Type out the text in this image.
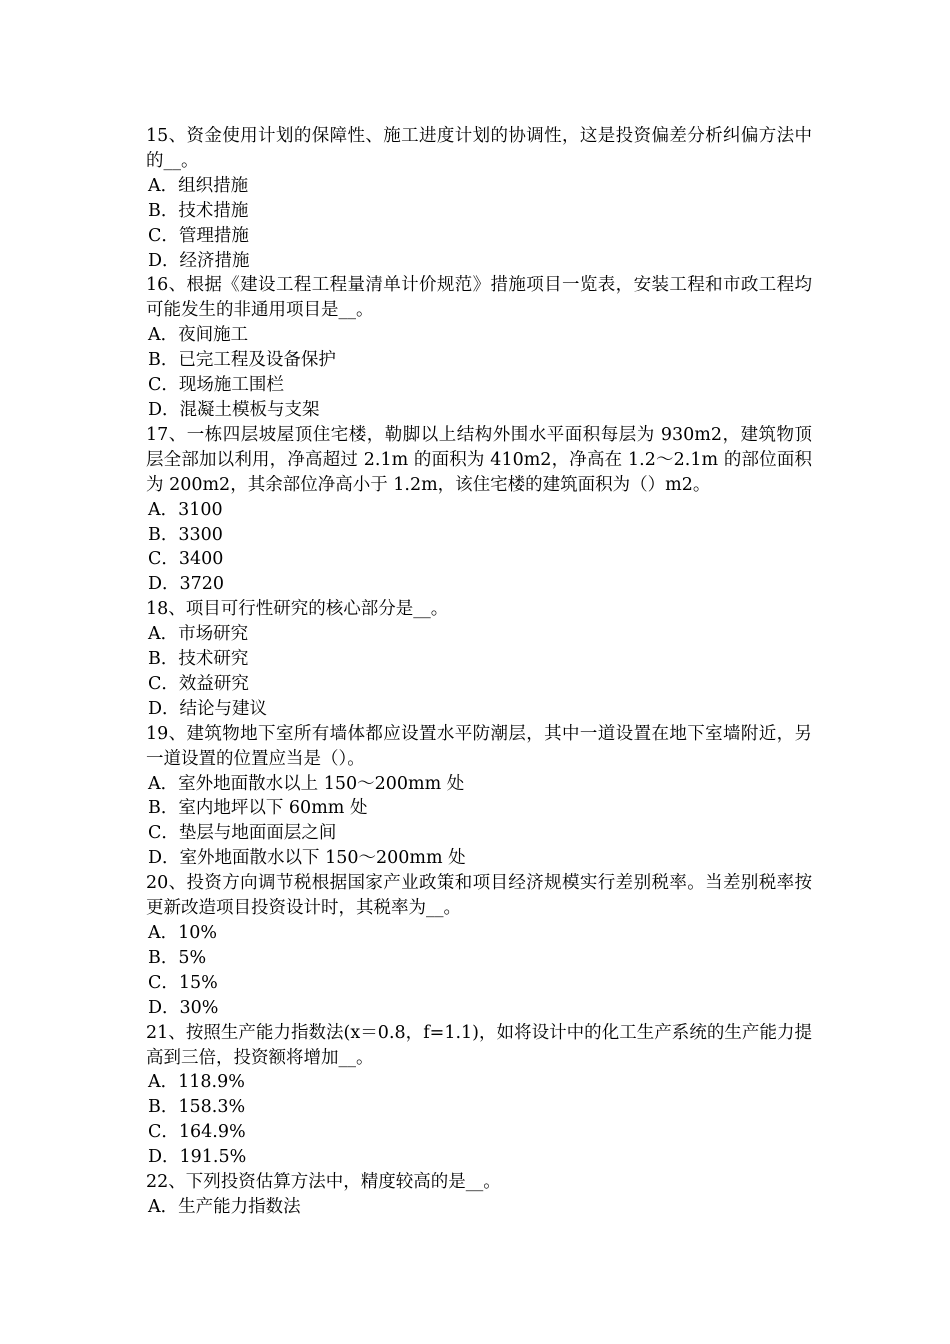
15、资金使用计划的保障性、施工进度计划的协调性，这是投资偏差分析纠偏方法中的__。

A．组织措施
B．技术措施
C．管理措施
D．经济措施

16、根据《建设工程工程量清单计价规范》措施项目一览表，安装工程和市政工程均可能发生的非通用项目是__。

A．夜间施工
B．已完工程及设备保护
C．现场施工围栏
D．混凝土模板与支架

17、一栋四层坡屋顶住宅楼，勒脚以上结构外围水平面积每层为 930m2，建筑物顶层全部加以利用，净高超过 2.1m 的面积为 410m2，净高在 1.2～2.1m 的部位面积为 200m2，其余部位净高小于 1.2m，该住宅楼的建筑面积为（）m2。

A．3100
B．3300
C．3400
D．3720

18、项目可行性研究的核心部分是__。

A．市场研究
B．技术研究
C．效益研究
D．结论与建议

19、建筑物地下室所有墙体都应设置水平防潮层，其中一道设置在地下室墙附近，另一道设置的位置应当是（）。

A．室外地面散水以上 150～200mm 处
B．室内地坪以下 60mm 处
C．垫层与地面面层之间
D．室外地面散水以下 150～200mm 处

20、投资方向调节税根据国家产业政策和项目经济规模实行差别税率。当差别税率按更新改造项目投资设计时，其税率为__。

A．10%
B．5%
C．15%
D．30%

21、按照生产能力指数法(x＝0.8，f=1.1)，如将设计中的化工生产系统的生产能力提高到三倍，投资额将增加__。

A．118.9%
B．158.3%
C．164.9%
D．191.5%

22、下列投资估算方法中，精度较高的是__。

A．生产能力指数法
